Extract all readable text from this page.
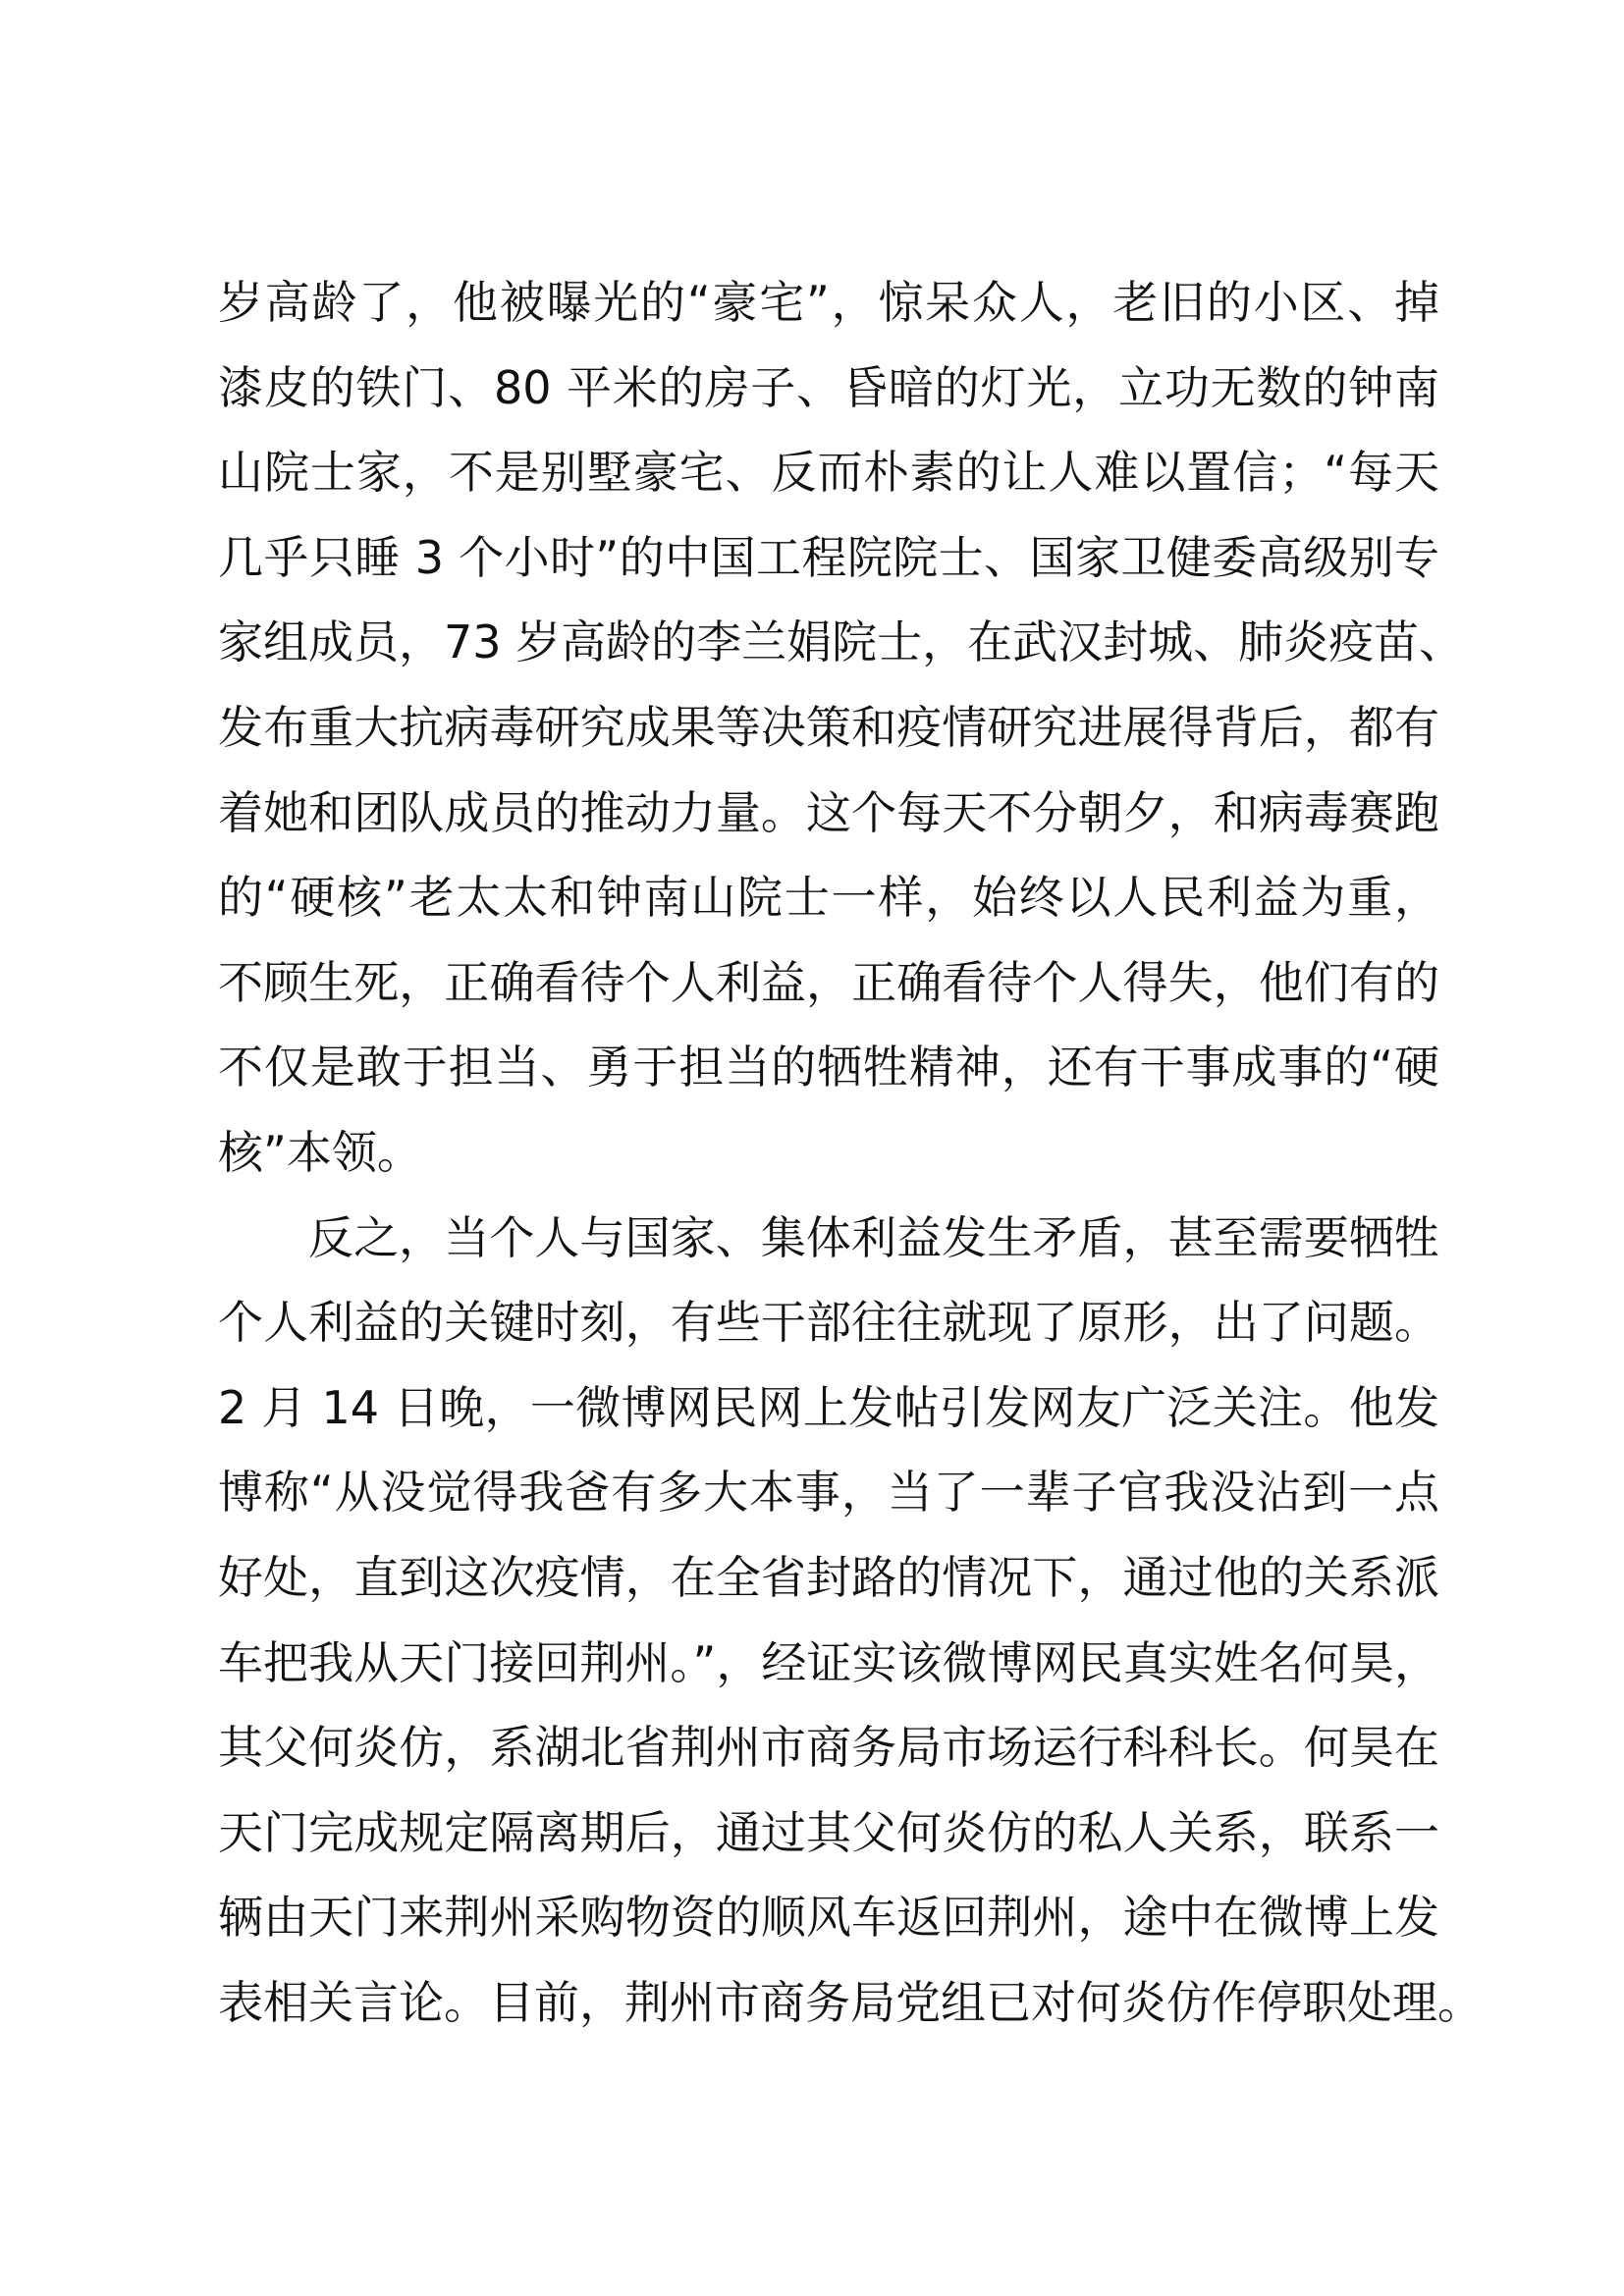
岁高龄了，他被曝光的“豪宅”，惊呆众人，老旧的小区、掉
漆皮的铁门、80 平米的房子、昏暗的灯光，立功无数的钟南
山院士家，不是别墅豪宅、反而朴素的让人难以置信；“每天
几乎只睡 3 个小时”的中国工程院院士、国家卫健委高级别专
家组成员，73 岁高龄的李兰娟院士，在武汉封城、肺炎疫苗、
发布重大抗病毒研究成果等决策和疫情研究进展得背后，都有
着她和团队成员的推动力量。这个每天不分朝夕，和病毒赛跑
的“硬核”老太太和钟南山院士一样，始终以人民利益为重，
不顾生死，正确看待个人利益，正确看待个人得失，他们有的
不仅是敢于担当、勇于担当的牺牲精神，还有干事成事的“硬
核”本领。
反之，当个人与国家、集体利益发生矛盾，甚至需要牺牲
个人利益的关键时刻，有些干部往往就现了原形，出了问题。
2 月 14 日晚，一微博网民网上发帖引发网友广泛关注。他发
博称“从没觉得我爸有多大本事，当了一辈子官我没沾到一点
好处，直到这次疫情，在全省封路的情况下，通过他的关系派
车把我从天门接回荆州。”，经证实该微博网民真实姓名何昊，
其父何炎仿，系湖北省荆州市商务局市场运行科科长。何昊在
天门完成规定隔离期后，通过其父何炎仿的私人关系，联系一
辆由天门来荆州采购物资的顺风车返回荆州，途中在微博上发
表相关言论。目前，荆州市商务局党组已对何炎仿作停职处理。
